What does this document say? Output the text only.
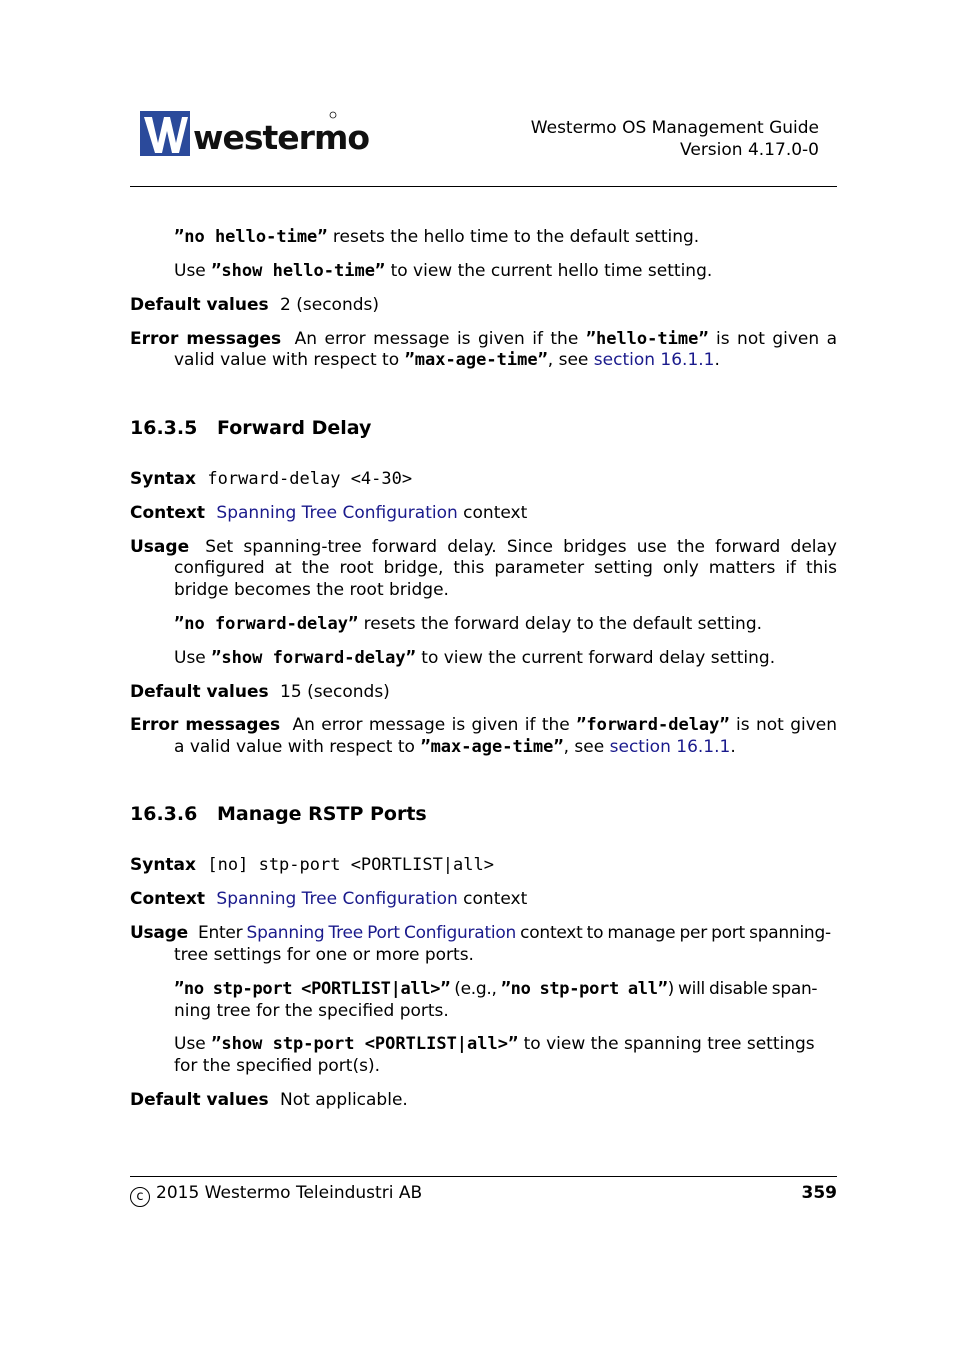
westermo	Westermo OS Management Guide
Version 4.17.0-0
”no hello-time” resets the hello time to the default setting.
Use ”show hello-time” to view the current hello time setting.
Default values 2 (seconds)
Error messages An error message is given if the ”hello-time” is not given a
valid value with respect to ”max-age-time”, see section 16.1.1.
16.3.5 Forward Delay
Syntax forward-delay <4-30>
Context Spanning Tree Configuration context
Usage Set spanning-tree forward delay. Since bridges use the forward delay
configured at the root bridge, this parameter setting only matters if this
bridge becomes the root bridge.
”no forward-delay” resets the forward delay to the default setting.
Use ”show forward-delay” to view the current forward delay setting.
Default values 15 (seconds)
Error messages An error message is given if the ”forward-delay” is not given
a valid value with respect to ”max-age-time”, see section 16.1.1.
16.3.6 Manage RSTP Ports
Syntax [no] stp-port <PORTLIST|all>
Context Spanning Tree Configuration context
Usage Enter Spanning Tree Port Configuration context to manage per port spanning-
tree settings for one or more ports.
”no stp-port <PORTLIST|all>” (e.g., ”no stp-port all”) will disable span-
ning tree for the specified ports.
Use ”show stp-port <PORTLIST|all>” to view the spanning tree settings
for the specified port(s).
Default values Not applicable.
c 2015 Westermo Teleindustri AB	359
